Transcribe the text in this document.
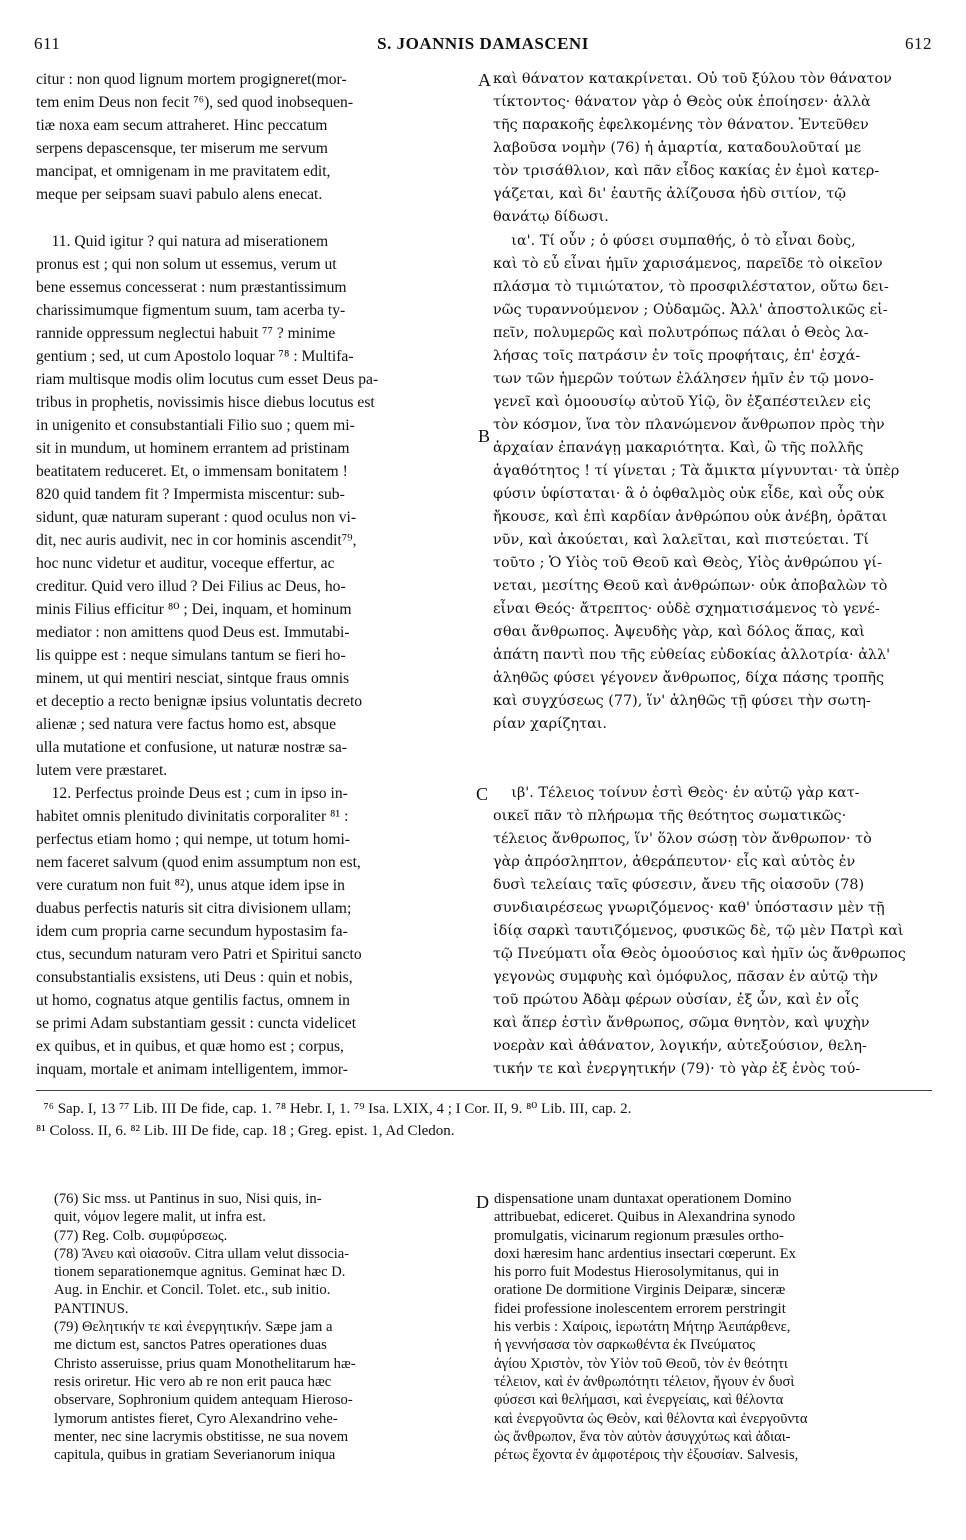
611	S. JOANNIS DAMASCENI	612
citur : non quod lignum mortem progigneret(mor-
tem enim Deus non fecit ⁷⁶), sed quod inobsequen-
tiæ noxa eam secum attraheret. Hinc peccatum
serpens depascensque, ter miserum me servum
mancipat, et omnigenam in me pravitatem edit,
meque per seipsam suavi pabulo alens enecat.
11. Quid igitur ? qui natura ad miserationem
pronus est ; qui non solum ut essemus, verum ut
bene essemus concesserat : num præstantissimum
charissimumque figmentum suum, tam acerba ty-
rannide oppressum neglectui habuit ⁷⁷ ? minime
gentium ; sed, ut cum Apostolo loquar ⁷⁸ : Multifa-
riam multisque modis olim locutus cum esset Deus pa-
tribus in prophetis, novissimis hisce diebus locutus est
in unigenito et consubstantiali Filio suo ; quem mi-
sit in mundum, ut hominem errantem ad pristinam
beatitatem reduceret. Et, o immensam bonitatem !
820 quid tandem fit ? Impermista miscentur: sub-
sidunt, quæ naturam superant : quod oculus non vi-
dit, nec auris audivit, nec in cor hominis ascendit⁷⁹,
hoc nunc videtur et auditur, voceque effertur, ac
creditur. Quid vero illud ? Dei Filius ac Deus, ho-
minis Filius efficitur ⁸⁰ ; Dei, inquam, et hominum
mediator : non amittens quod Deus est. Immutabi-
lis quippe est : neque simulans tantum se fieri ho-
minem, ut qui mentiri nesciat, sintque fraus omnis
et deceptio a recto benignæ ipsius voluntatis decreto
alienæ ; sed natura vere factus homo est, absque
ulla mutatione et confusione, ut naturæ nostræ sa-
lutem vere præstaret.
12. Perfectus proinde Deus est ; cum in ipso in-
habitet omnis plenitudo divinitatis corporaliter ⁸¹ :
perfectus etiam homo ; qui nempe, ut totum homi-
nem faceret salvum (quod enim assumptum non est,
vere curatum non fuit ⁸²), unus atque idem ipse in
duabus perfectis naturis sit citra divisionem ullam;
idem cum propria carne secundum hypostasim fa-
ctus, secundum naturam vero Patri et Spiritui sancto
consubstantialis exsistens, uti Deus : quin et nobis,
ut homo, cognatus atque gentilis factus, omnem in
se primi Adam substantiam gessit : cuncta videlicet
ex quibus, et in quibus, et quæ homo est ; corpus,
inquam, mortale et animam intelligentem, immor-
καὶ θάνατον κατακρίνεται. Οὐ τοῦ ξύλου τὸν θάνατον
τίκτοντος· θάνατον γὰρ ὁ Θεὸς οὐκ ἐποίησεν· ἀλλὰ
τῆς παρακοῆς ἐφελκομένης τὸν θάνατον. Ἐντεῦθεν
λαβοῦσα νομὴν (76) ἡ ἁμαρτία, καταδουλοῦταί με
τὸν τρισάθλιον, καὶ πᾶν εἶδος κακίας ἐν ἐμοὶ κατερ-
γάζεται, καὶ δι' ἑαυτῆς ἀλίζουσα ἡδὺ σιτίον, τῷ
θανάτῳ δίδωσι.
ια'. Τί οὖν ; ὁ φύσει συμπαθής, ὁ τὸ εἶναι δοὺς,
καὶ τὸ εὖ εἶναι ἡμῖν χαρισάμενος, παρεῖδε τὸ οἰκεῖον
πλάσμα τὸ τιμιώτατον, τὸ προσφιλέστατον, οὕτω δει-
νῶς τυραννούμενον ; Οὐδαμῶς. Ἀλλ' ἀποστολικῶς εἰ-
πεῖν, πολυμερῶς καὶ πολυτρόπως πάλαι ὁ Θεὸς λα-
λήσας τοῖς πατράσιν ἐν τοῖς προφήταις, ἐπ' ἐσχά-
των τῶν ἡμερῶν τούτων ἐλάλησεν ἡμῖν ἐν τῷ μονο-
γενεῖ καὶ ὁμοουσίῳ αὐτοῦ Υἱῷ, ὃν ἐξαπέστειλεν εἰς
τὸν κόσμον, ἵνα τὸν πλανώμενον ἄνθρωπον πρὸς τὴν
ἀρχαίαν ἐπανάγῃ μακαριότητα. Καὶ, ὢ τῆς πολλῆς
ἀγαθότητος ! τί γίνεται ; Τὰ ἄμικτα μίγνυνται· τὰ ὑπὲρ
φύσιν ὑφίσταται· ἃ ὁ ὀφθαλμὸς οὐκ εἶδε, καὶ οὖς οὐκ
ἤκουσε, καὶ ἐπὶ καρδίαν ἀνθρώπου οὐκ ἀνέβη, ὁρᾶται
νῦν, καὶ ἀκούεται, καὶ λαλεῖται, καὶ πιστεύεται. Τί
τοῦτο ; Ὁ Υἱὸς τοῦ Θεοῦ καὶ Θεὸς, Υἱὸς ἀνθρώπου γί-
νεται, μεσίτης Θεοῦ καὶ ἀνθρώπων· οὐκ ἀποβαλὼν τὸ
εἶναι Θεός· ἄτρεπτος· οὐδὲ σχηματισάμενος τὸ γενέ-
σθαι ἄνθρωπος. Ἀψευδὴς γὰρ, καὶ δόλος ἅπας, καὶ
ἀπάτη παντὶ που τῆς εὐθείας εὐδοκίας ἀλλοτρία· ἀλλ'
ἀληθῶς φύσει γέγονεν ἄνθρωπος, δίχα πάσης τροπῆς
καὶ συγχύσεως (77), ἵν' ἀληθῶς τῇ φύσει τὴν σωτη-
ρίαν χαρίζηται.
ιβ'. Τέλειος τοίνυν ἐστὶ Θεὸς· ἐν αὐτῷ γὰρ κατ-
οικεῖ πᾶν τὸ πλήρωμα τῆς θεότητος σωματικῶς·
τέλειος ἄνθρωπος, ἵν' ὅλον σώσῃ τὸν ἄνθρωπον· τὸ
γὰρ ἀπρόσληπτον, ἀθεράπευτον· εἷς καὶ αὐτὸς ἐν
δυσὶ τελείαις ταῖς φύσεσιν, ἄνευ τῆς οἱασοῦν (78)
συνδιαιρέσεως γνωριζόμενος· καθ' ὑπόστασιν μὲν τῇ
ἰδίᾳ σαρκὶ ταυτιζόμενος, φυσικῶς δὲ, τῷ μὲν Πατρὶ καὶ
τῷ Πνεύματι οἷα Θεὸς ὁμοούσιος καὶ ἡμῖν ὡς ἄνθρωπος
γεγονὼς συμφυὴς καὶ ὁμόφυλος, πᾶσαν ἐν αὐτῷ τὴν
τοῦ πρώτου Ἀδὰμ φέρων οὐσίαν, ἐξ ὧν, καὶ ἐν οἷς
καὶ ἅπερ ἐστὶν ἄνθρωπος, σῶμα θνητὸν, καὶ ψυχὴν
νοερὰν καὶ ἀθάνατον, λογικήν, αὐτεξούσιον, θελη-
τικήν τε καὶ ἐνεργητικήν (79)· τὸ γὰρ ἐξ ἑνὸς τού-
A
B
C
D
⁷⁶ Sap. I, 13 ⁷⁷ Lib. III De fide, cap. 1. ⁷⁸ Hebr. I, 1. ⁷⁹ Isa. LXIX, 4 ; I Cor. II, 9. ⁸⁰ Lib. III, cap. 2.
⁸¹ Coloss. II, 6. ⁸² Lib. III De fide, cap. 18 ; Greg. epist. 1, Ad Cledon.
(76) Sic mss. ut Pantinus in suo, Nisi quis, in-
quit, νόμον legere malit, ut infra est.
(77) Reg. Colb. συμφύρσεως.
(78) Ἄνευ καὶ οἱασοῦν. Citra ullam velut dissocia-
tionem separationemque agnitus. Geminat hæc D.
Aug. in Enchir. et Concil. Tolet. etc., sub initio.
PANTINUS.
(79) Θελητικήν τε καὶ ἐνεργητικήν. Sæpe jam a
me dictum est, sanctos Patres operationes duas
Christo asseruisse, prius quam Monothelitarum hæ-
resis oriretur. Hic vero ab re non erit pauca hæc
observare, Sophronium quidem antequam Hieroso-
lymorum antistes fieret, Cyro Alexandrino vehe-
menter, nec sine lacrymis obstitisse, ne sua novem
capitula, quibus in gratiam Severianorum iniqua
dispensatione unam duntaxat operationem Domino
attribuebat, ediceret. Quibus in Alexandrina synodo
promulgatis, vicinarum regionum præsules ortho-
doxi hæresim hanc ardentius insectari cœperunt. Ex
his porro fuit Modestus Hierosolymitanus, qui in
oratione De dormitione Virginis Deiparæ, sinceræ
fidei professione inolescentem errorem perstringit
his verbis : Χαίροις, ἱερωτάτη Μήτηρ Ἀειπάρθενε,
ἡ γεννήσασα τὸν σαρκωθέντα ἐκ Πνεύματος
ἁγίου Χριστὸν, τὸν Υἱὸν τοῦ Θεοῦ, τὸν ἐν θεότητι
τέλειον, καὶ ἐν ἀνθρωπότητι τέλειον, ἤγουν ἐν δυσὶ
φύσεσι καὶ θελήμασι, καὶ ἐνεργείαις, καὶ θέλοντα
καὶ ἐνεργοῦντα ὡς Θεὸν, καὶ θέλοντα καὶ ἐνεργοῦντα
ὡς ἄνθρωπον, ἕνα τὸν αὐτὸν ἀσυγχύτως καὶ ἀδιαι-
ρέτως ἔχοντα ἐν ἀμφοτέροις τὴν ἐξουσίαν. Salvesis,
